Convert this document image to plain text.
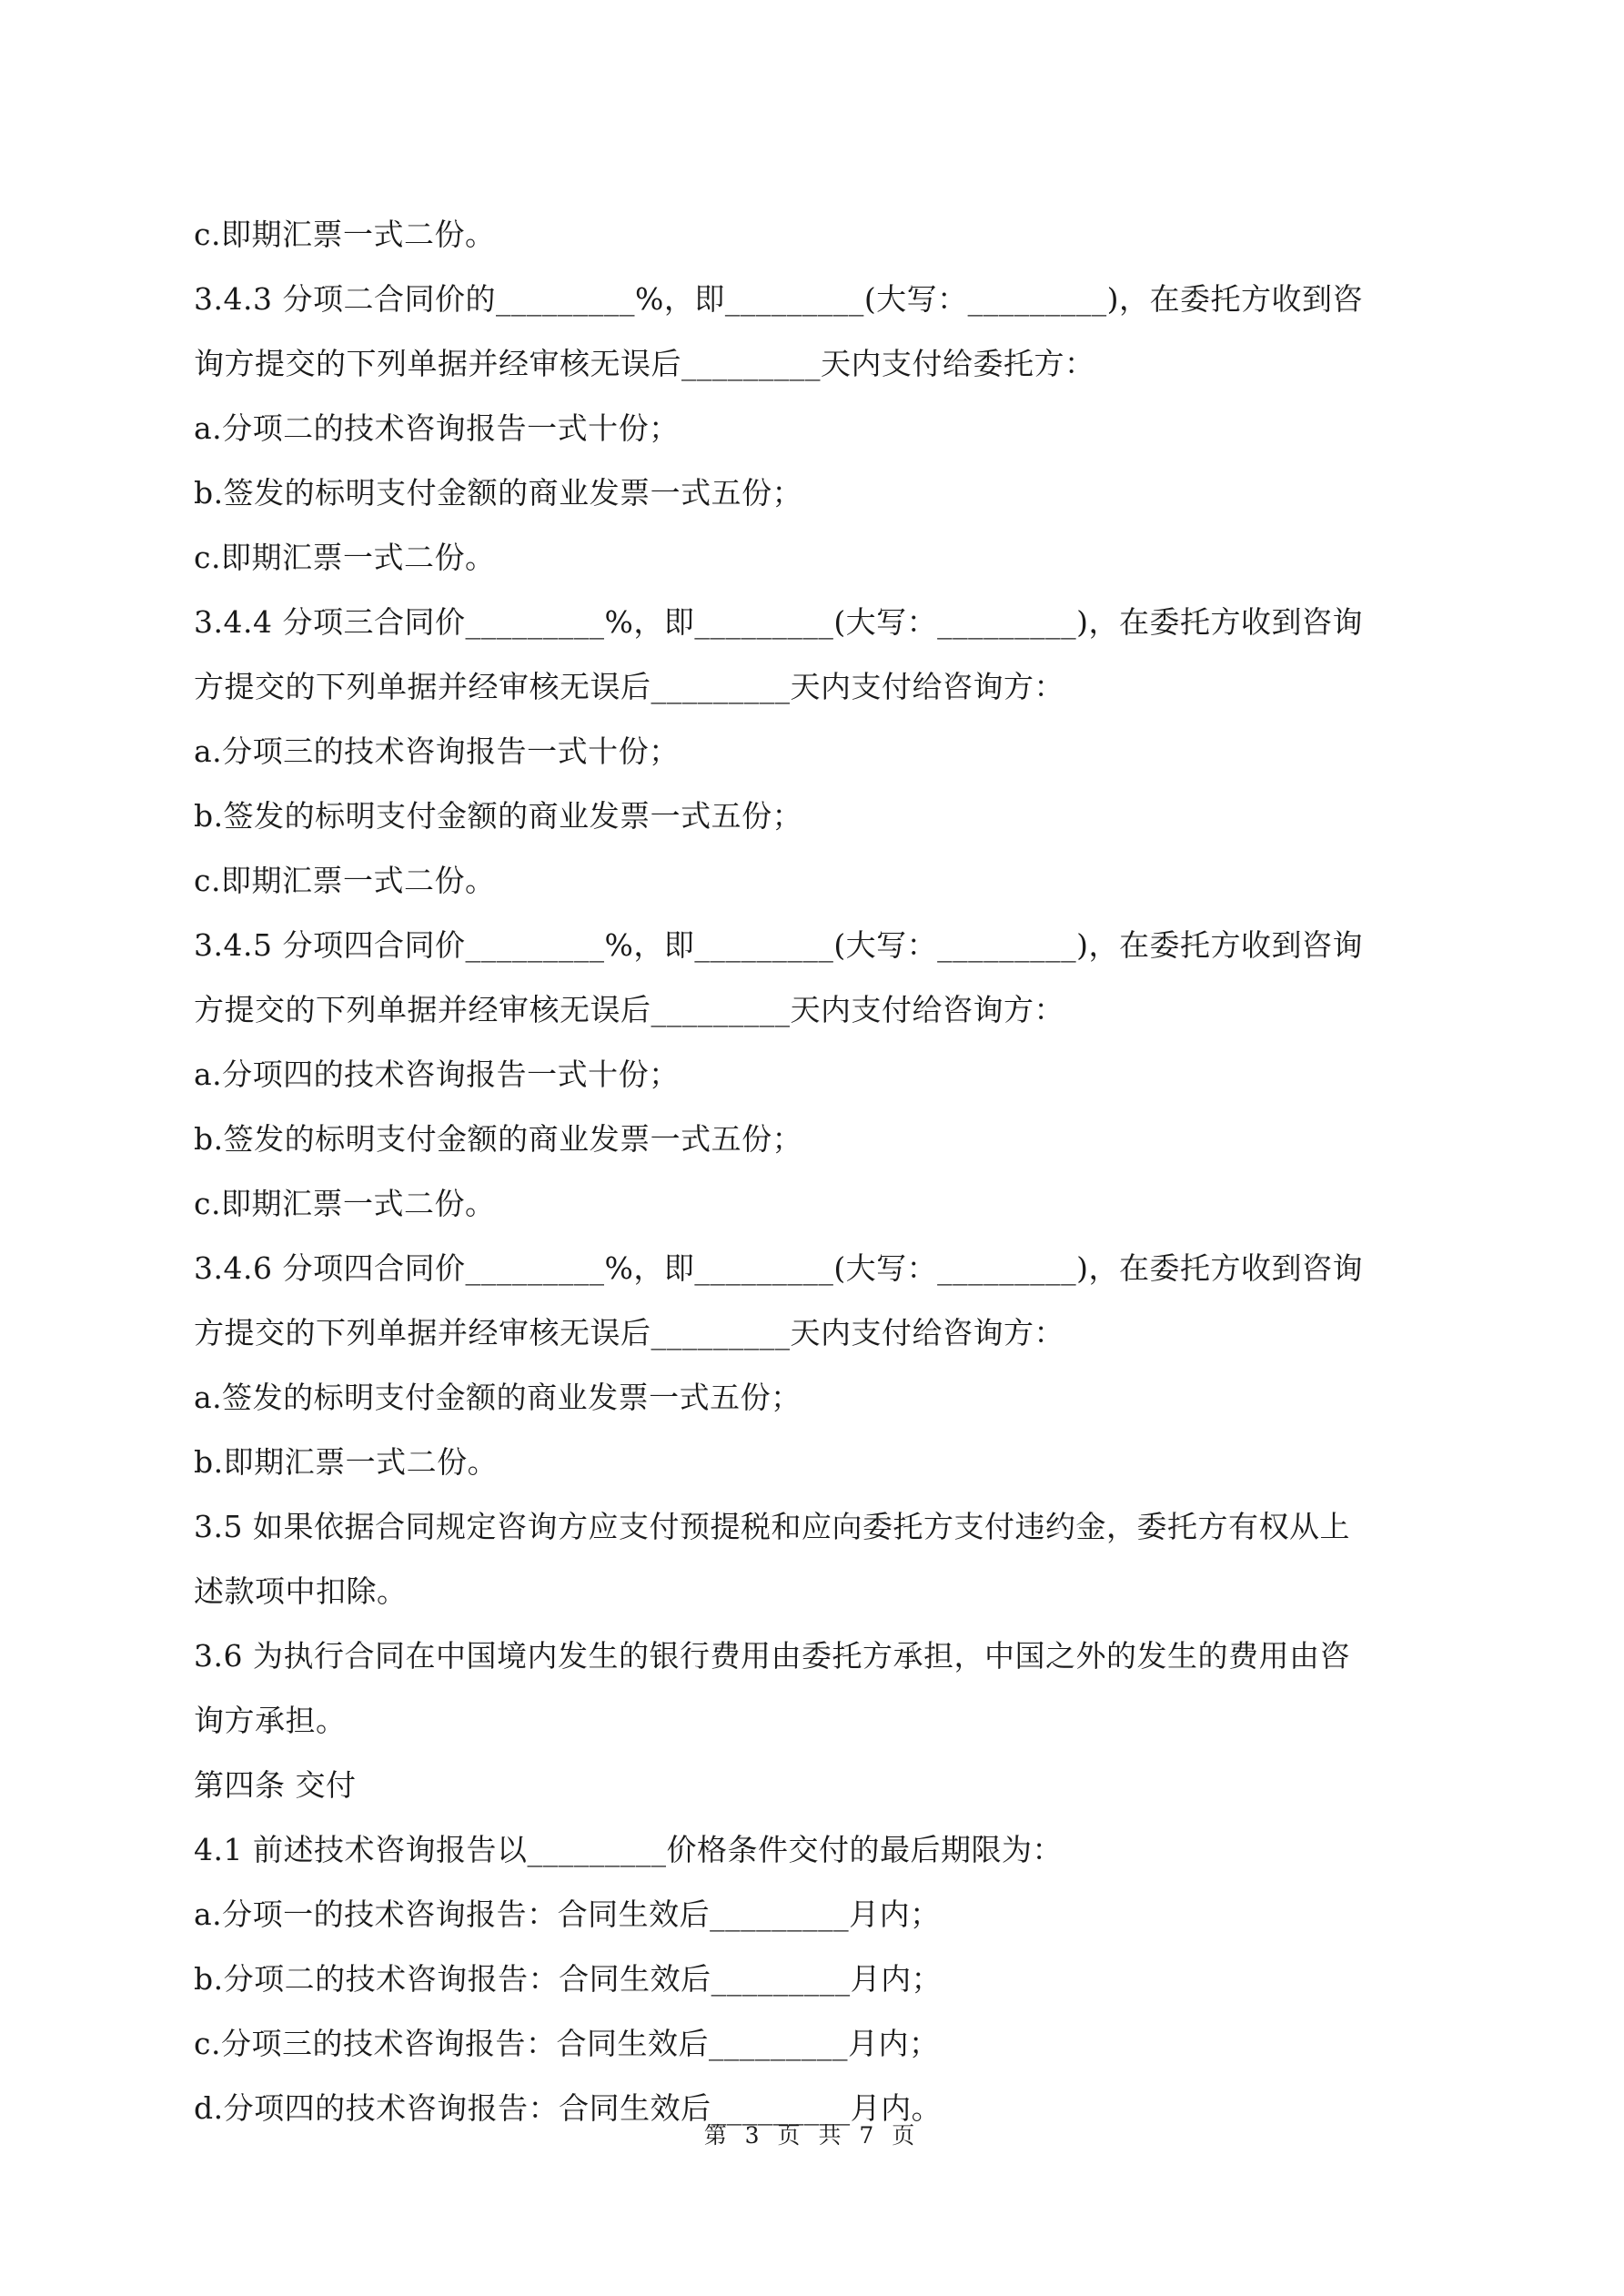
c.即期汇票一式二份。
3.4.3 分项二合同价的_________%，即_________(大写：_________)，在委托方收到咨
询方提交的下列单据并经审核无误后_________天内支付给委托方：
a.分项二的技术咨询报告一式十份；
b.签发的标明支付金额的商业发票一式五份；
c.即期汇票一式二份。
3.4.4 分项三合同价_________%，即_________(大写：_________)，在委托方收到咨询
方提交的下列单据并经审核无误后_________天内支付给咨询方：
a.分项三的技术咨询报告一式十份；
b.签发的标明支付金额的商业发票一式五份；
c.即期汇票一式二份。
3.4.5 分项四合同价_________%，即_________(大写：_________)，在委托方收到咨询
方提交的下列单据并经审核无误后_________天内支付给咨询方：
a.分项四的技术咨询报告一式十份；
b.签发的标明支付金额的商业发票一式五份；
c.即期汇票一式二份。
3.4.6 分项四合同价_________%，即_________(大写：_________)，在委托方收到咨询
方提交的下列单据并经审核无误后_________天内支付给咨询方：
a.签发的标明支付金额的商业发票一式五份；
b.即期汇票一式二份。
3.5 如果依据合同规定咨询方应支付预提税和应向委托方支付违约金，委托方有权从上
述款项中扣除。
3.6 为执行合同在中国境内发生的银行费用由委托方承担，中国之外的发生的费用由咨
询方承担。
第四条 交付
4.1 前述技术咨询报告以_________价格条件交付的最后期限为：
a.分项一的技术咨询报告：合同生效后_________月内；
b.分项二的技术咨询报告：合同生效后_________月内；
c.分项三的技术咨询报告：合同生效后_________月内；
d.分项四的技术咨询报告：合同生效后_________月内。
第 3 页 共 7 页
